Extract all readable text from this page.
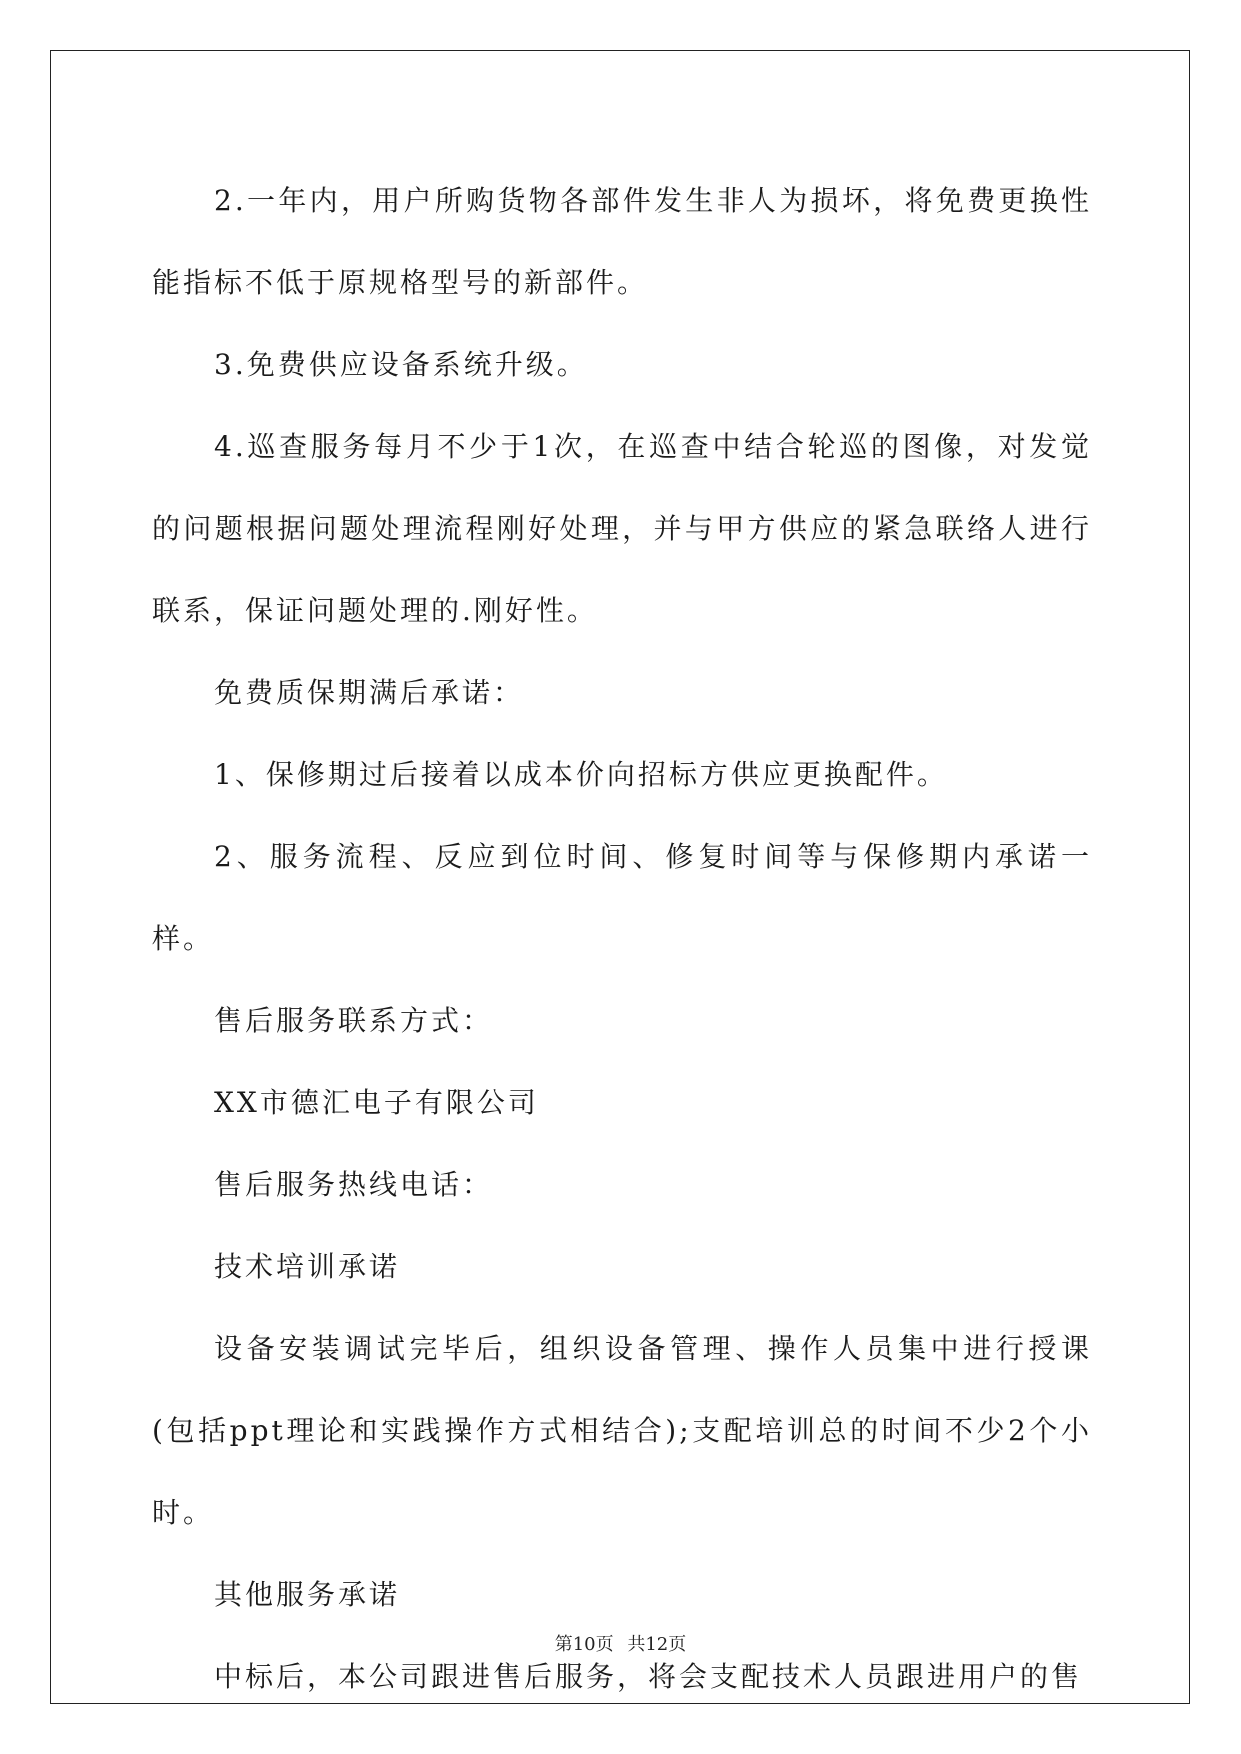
2.一年内，用户所购货物各部件发生非人为损坏，将免费更换性能指标不低于原规格型号的新部件。

3.免费供应设备系统升级。

4.巡查服务每月不少于1次，在巡查中结合轮巡的图像，对发觉的问题根据问题处理流程刚好处理，并与甲方供应的紧急联络人进行联系，保证问题处理的.刚好性。

免费质保期满后承诺：

1、保修期过后接着以成本价向招标方供应更换配件。

2、服务流程、反应到位时间、修复时间等与保修期内承诺一样。

售后服务联系方式：

XX市德汇电子有限公司

售后服务热线电话：

技术培训承诺

设备安装调试完毕后，组织设备管理、操作人员集中进行授课(包括ppt理论和实践操作方式相结合);支配培训总的时间不少2个小时。

其他服务承诺

中标后，本公司跟进售后服务，将会支配技术人员跟进用户的售

第10页 共12页
